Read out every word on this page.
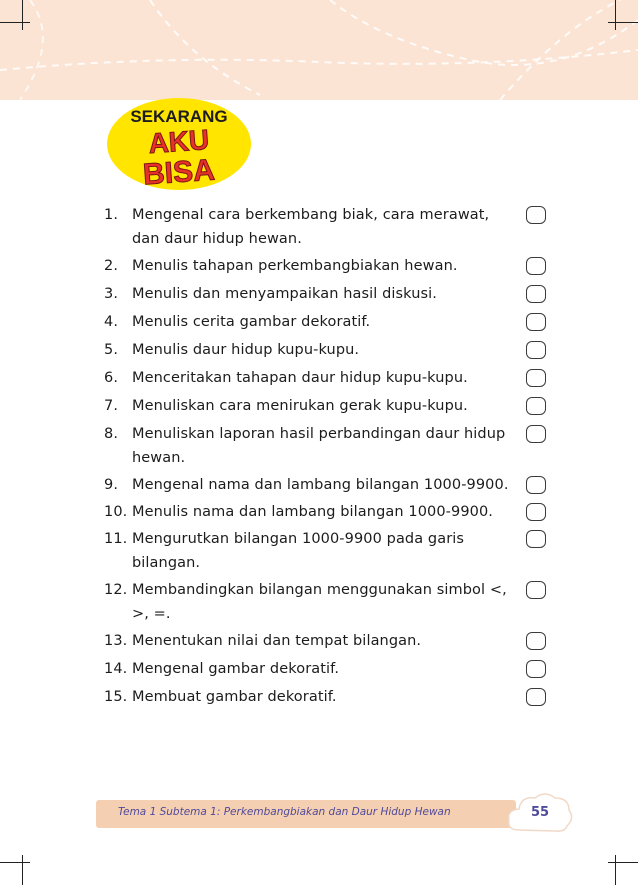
SEKARANG
AKU
BISA
1. Mengenal cara berkembang biak, cara merawat, dan daur hidup hewan.
2. Menulis tahapan perkembangbiakan hewan.
3. Menulis dan menyampaikan hasil diskusi.
4. Menulis cerita gambar dekoratif.
5. Menulis daur hidup kupu-kupu.
6. Menceritakan tahapan daur hidup kupu-kupu.
7. Menuliskan cara menirukan gerak kupu-kupu.
8. Menuliskan laporan hasil perbandingan daur hidup hewan.
9. Mengenal nama dan lambang bilangan 1000-9900.
10. Menulis nama dan lambang bilangan 1000-9900.
11. Mengurutkan bilangan 1000-9900 pada garis bilangan.
12. Membandingkan bilangan menggunakan simbol <, >, =.
13. Menentukan nilai dan tempat bilangan.
14. Mengenal gambar dekoratif.
15. Membuat gambar dekoratif.
Tema 1 Subtema 1: Perkembangbiakan dan Daur Hidup Hewan	55
